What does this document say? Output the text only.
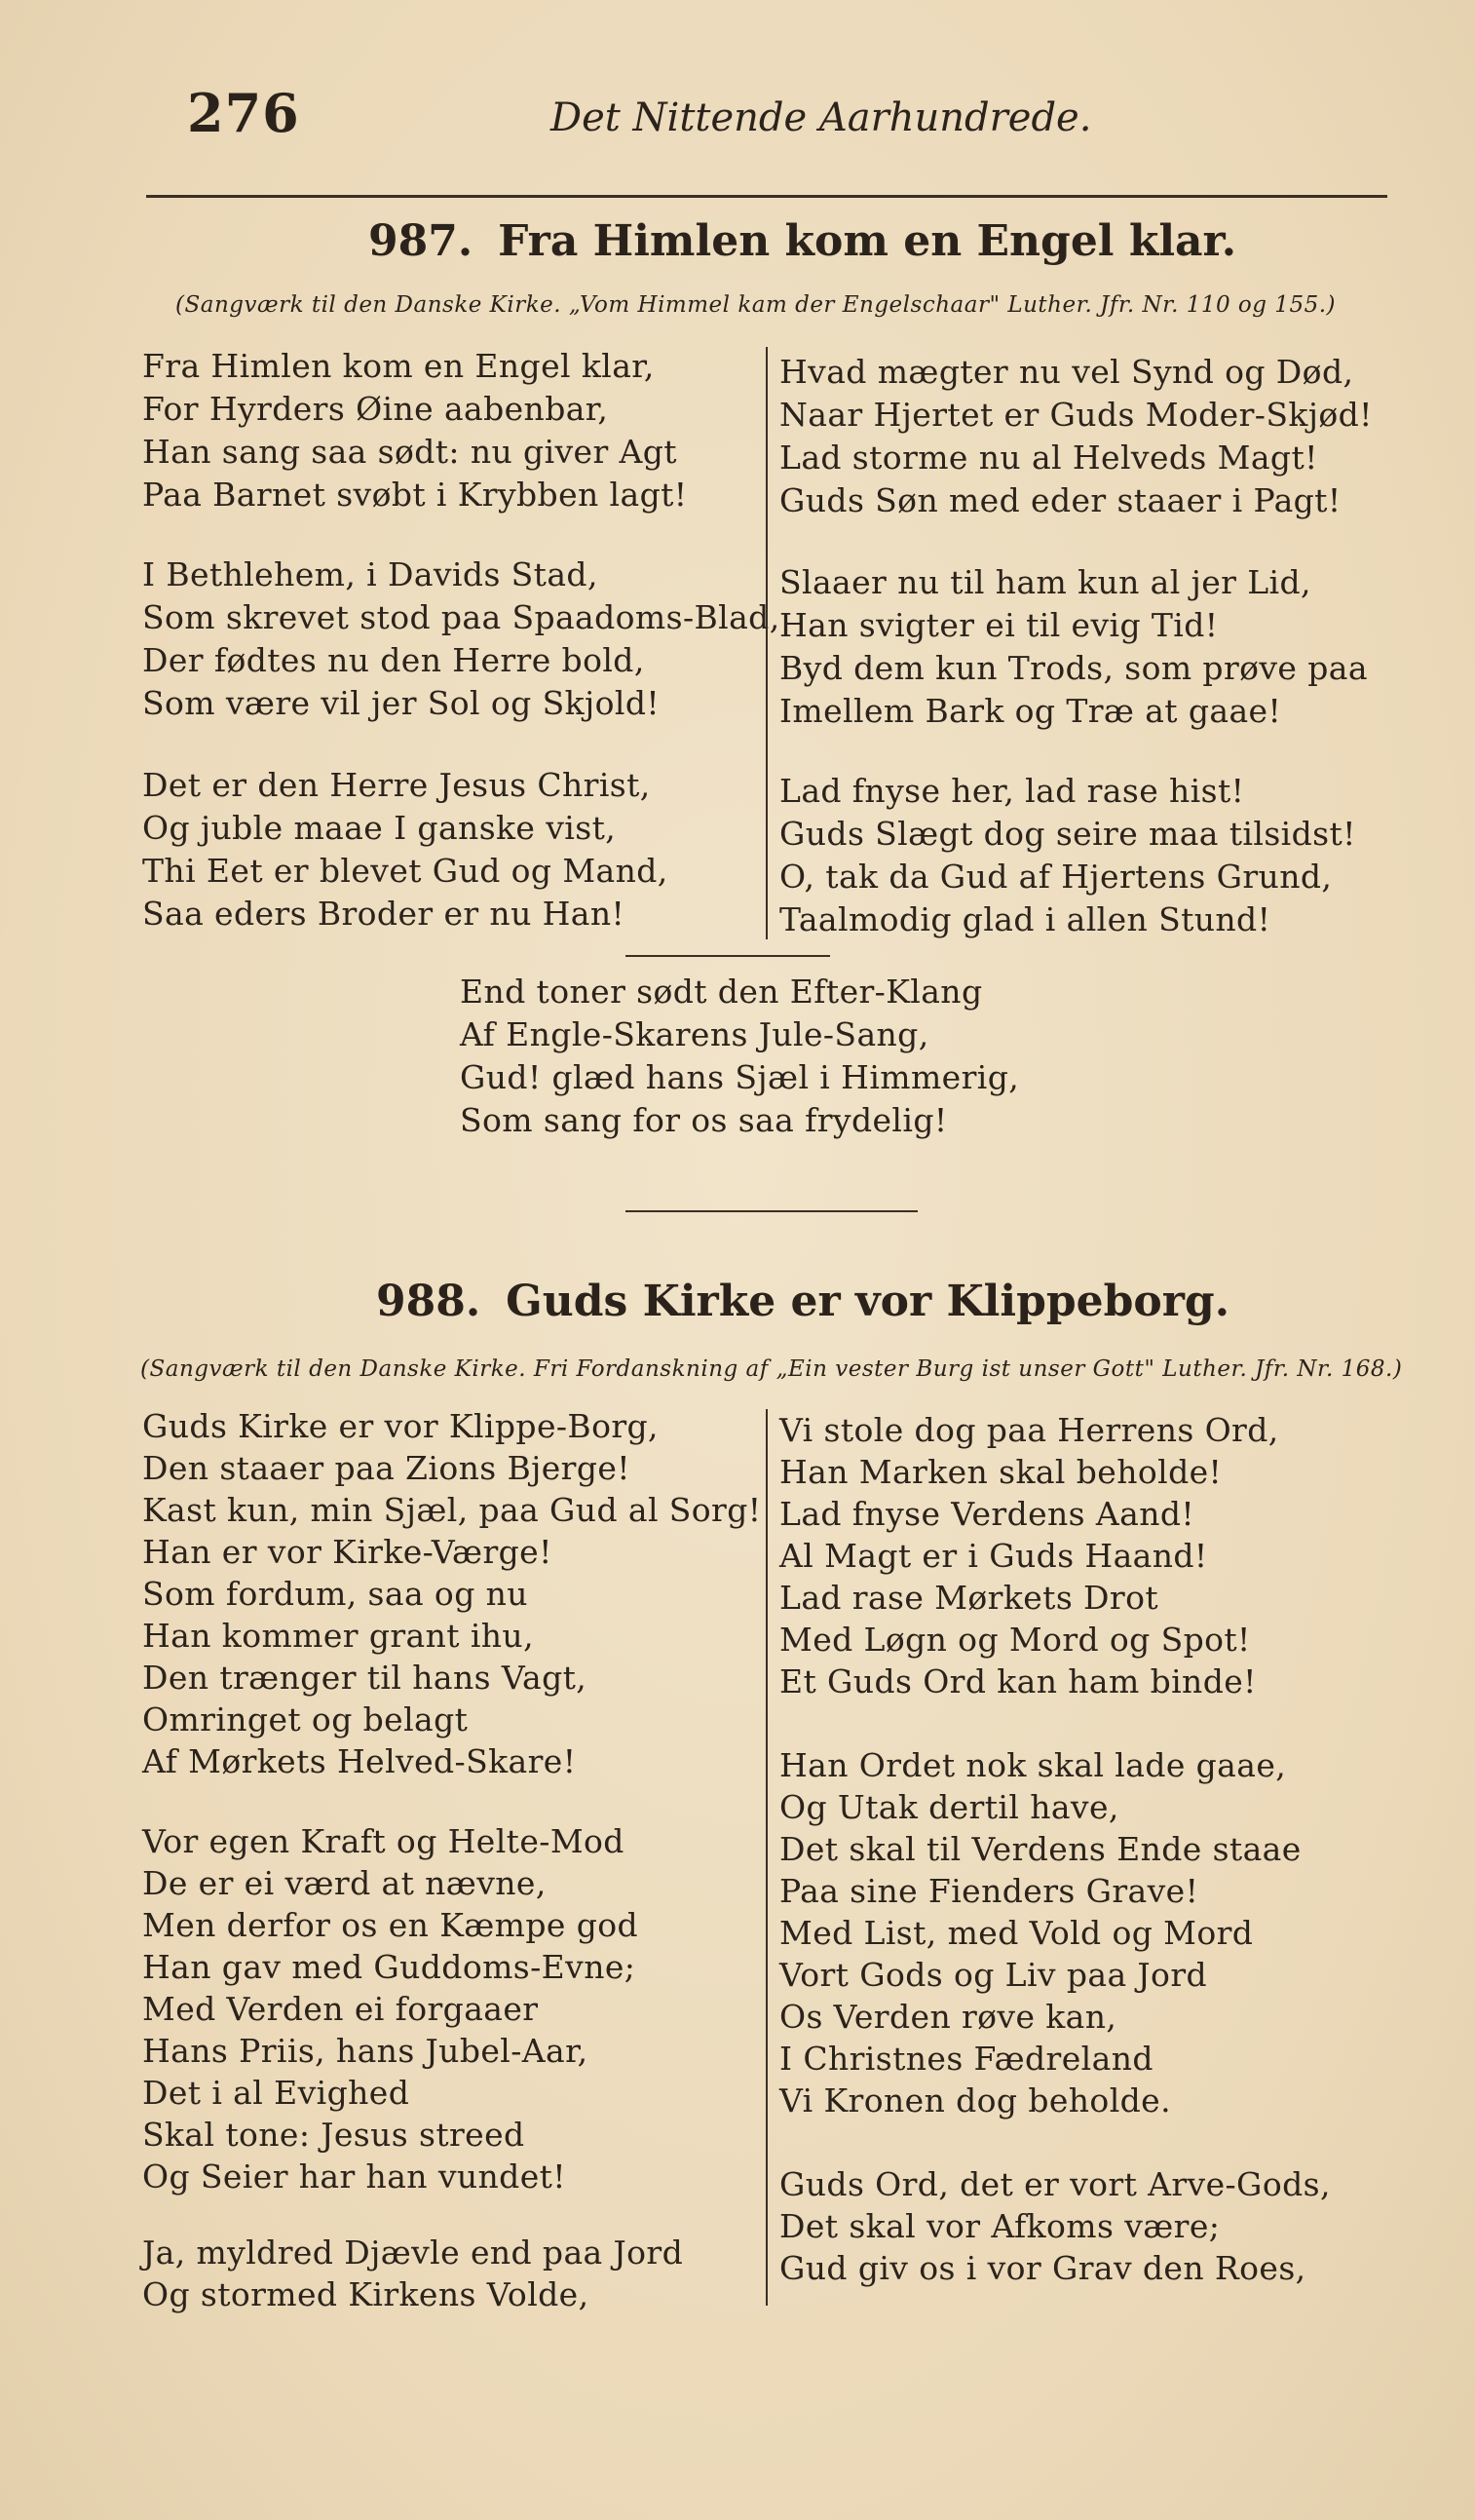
276	Det Nittende Aarhundrede.
987. Fra Himlen kom en Engel klar.
(Sangværk til den Danske Kirke. „Vom Himmel kam der Engelschaar" Luther. Jfr. Nr. 110 og 155.)
Fra Himlen kom en Engel klar,
For Hyrders Øine aabenbar,
Han sang saa sødt: nu giver Agt
Paa Barnet svøbt i Krybben lagt!
I Bethlehem, i Davids Stad,
Som skrevet stod paa Spaadoms-Blad,
Der fødtes nu den Herre bold,
Som være vil jer Sol og Skjold!
Det er den Herre Jesus Christ,
Og juble maae I ganske vist,
Thi Eet er blevet Gud og Mand,
Saa eders Broder er nu Han!
Hvad mægter nu vel Synd og Død,
Naar Hjertet er Guds Moder-Skjød!
Lad storme nu al Helveds Magt!
Guds Søn med eder staaer i Pagt!
Slaaer nu til ham kun al jer Lid,
Han svigter ei til evig Tid!
Byd dem kun Trods, som prøve paa
Imellem Bark og Træ at gaae!
Lad fnyse her, lad rase hist!
Guds Slægt dog seire maa tilsidst!
O, tak da Gud af Hjertens Grund,
Taalmodig glad i allen Stund!
End toner sødt den Efter-Klang
Af Engle-Skarens Jule-Sang,
Gud! glæd hans Sjæl i Himmerig,
Som sang for os saa frydelig!
988. Guds Kirke er vor Klippeborg.
(Sangværk til den Danske Kirke. Fri Fordanskning af „Ein vester Burg ist unser Gott" Luther. Jfr. Nr. 168.)
Guds Kirke er vor Klippe-Borg,
Den staaer paa Zions Bjerge!
Kast kun, min Sjæl, paa Gud al Sorg!
Han er vor Kirke-Værge!
Som fordum, saa og nu
Han kommer grant ihu,
Den trænger til hans Vagt,
Omringet og belagt
Af Mørkets Helved-Skare!
Vor egen Kraft og Helte-Mod
De er ei værd at nævne,
Men derfor os en Kæmpe god
Han gav med Guddoms-Evne;
Med Verden ei forgaaer
Hans Priis, hans Jubel-Aar,
Det i al Evighed
Skal tone: Jesus streed
Og Seier har han vundet!
Ja, myldred Djævle end paa Jord
Og stormed Kirkens Volde,
Vi stole dog paa Herrens Ord,
Han Marken skal beholde!
Lad fnyse Verdens Aand!
Al Magt er i Guds Haand!
Lad rase Mørkets Drot
Med Løgn og Mord og Spot!
Et Guds Ord kan ham binde!
Han Ordet nok skal lade gaae,
Og Utak dertil have,
Det skal til Verdens Ende staae
Paa sine Fienders Grave!
Med List, med Vold og Mord
Vort Gods og Liv paa Jord
Os Verden røve kan,
I Christnes Fædreland
Vi Kronen dog beholde.
Guds Ord, det er vort Arve-Gods,
Det skal vor Afkoms være;
Gud giv os i vor Grav den Roes,
